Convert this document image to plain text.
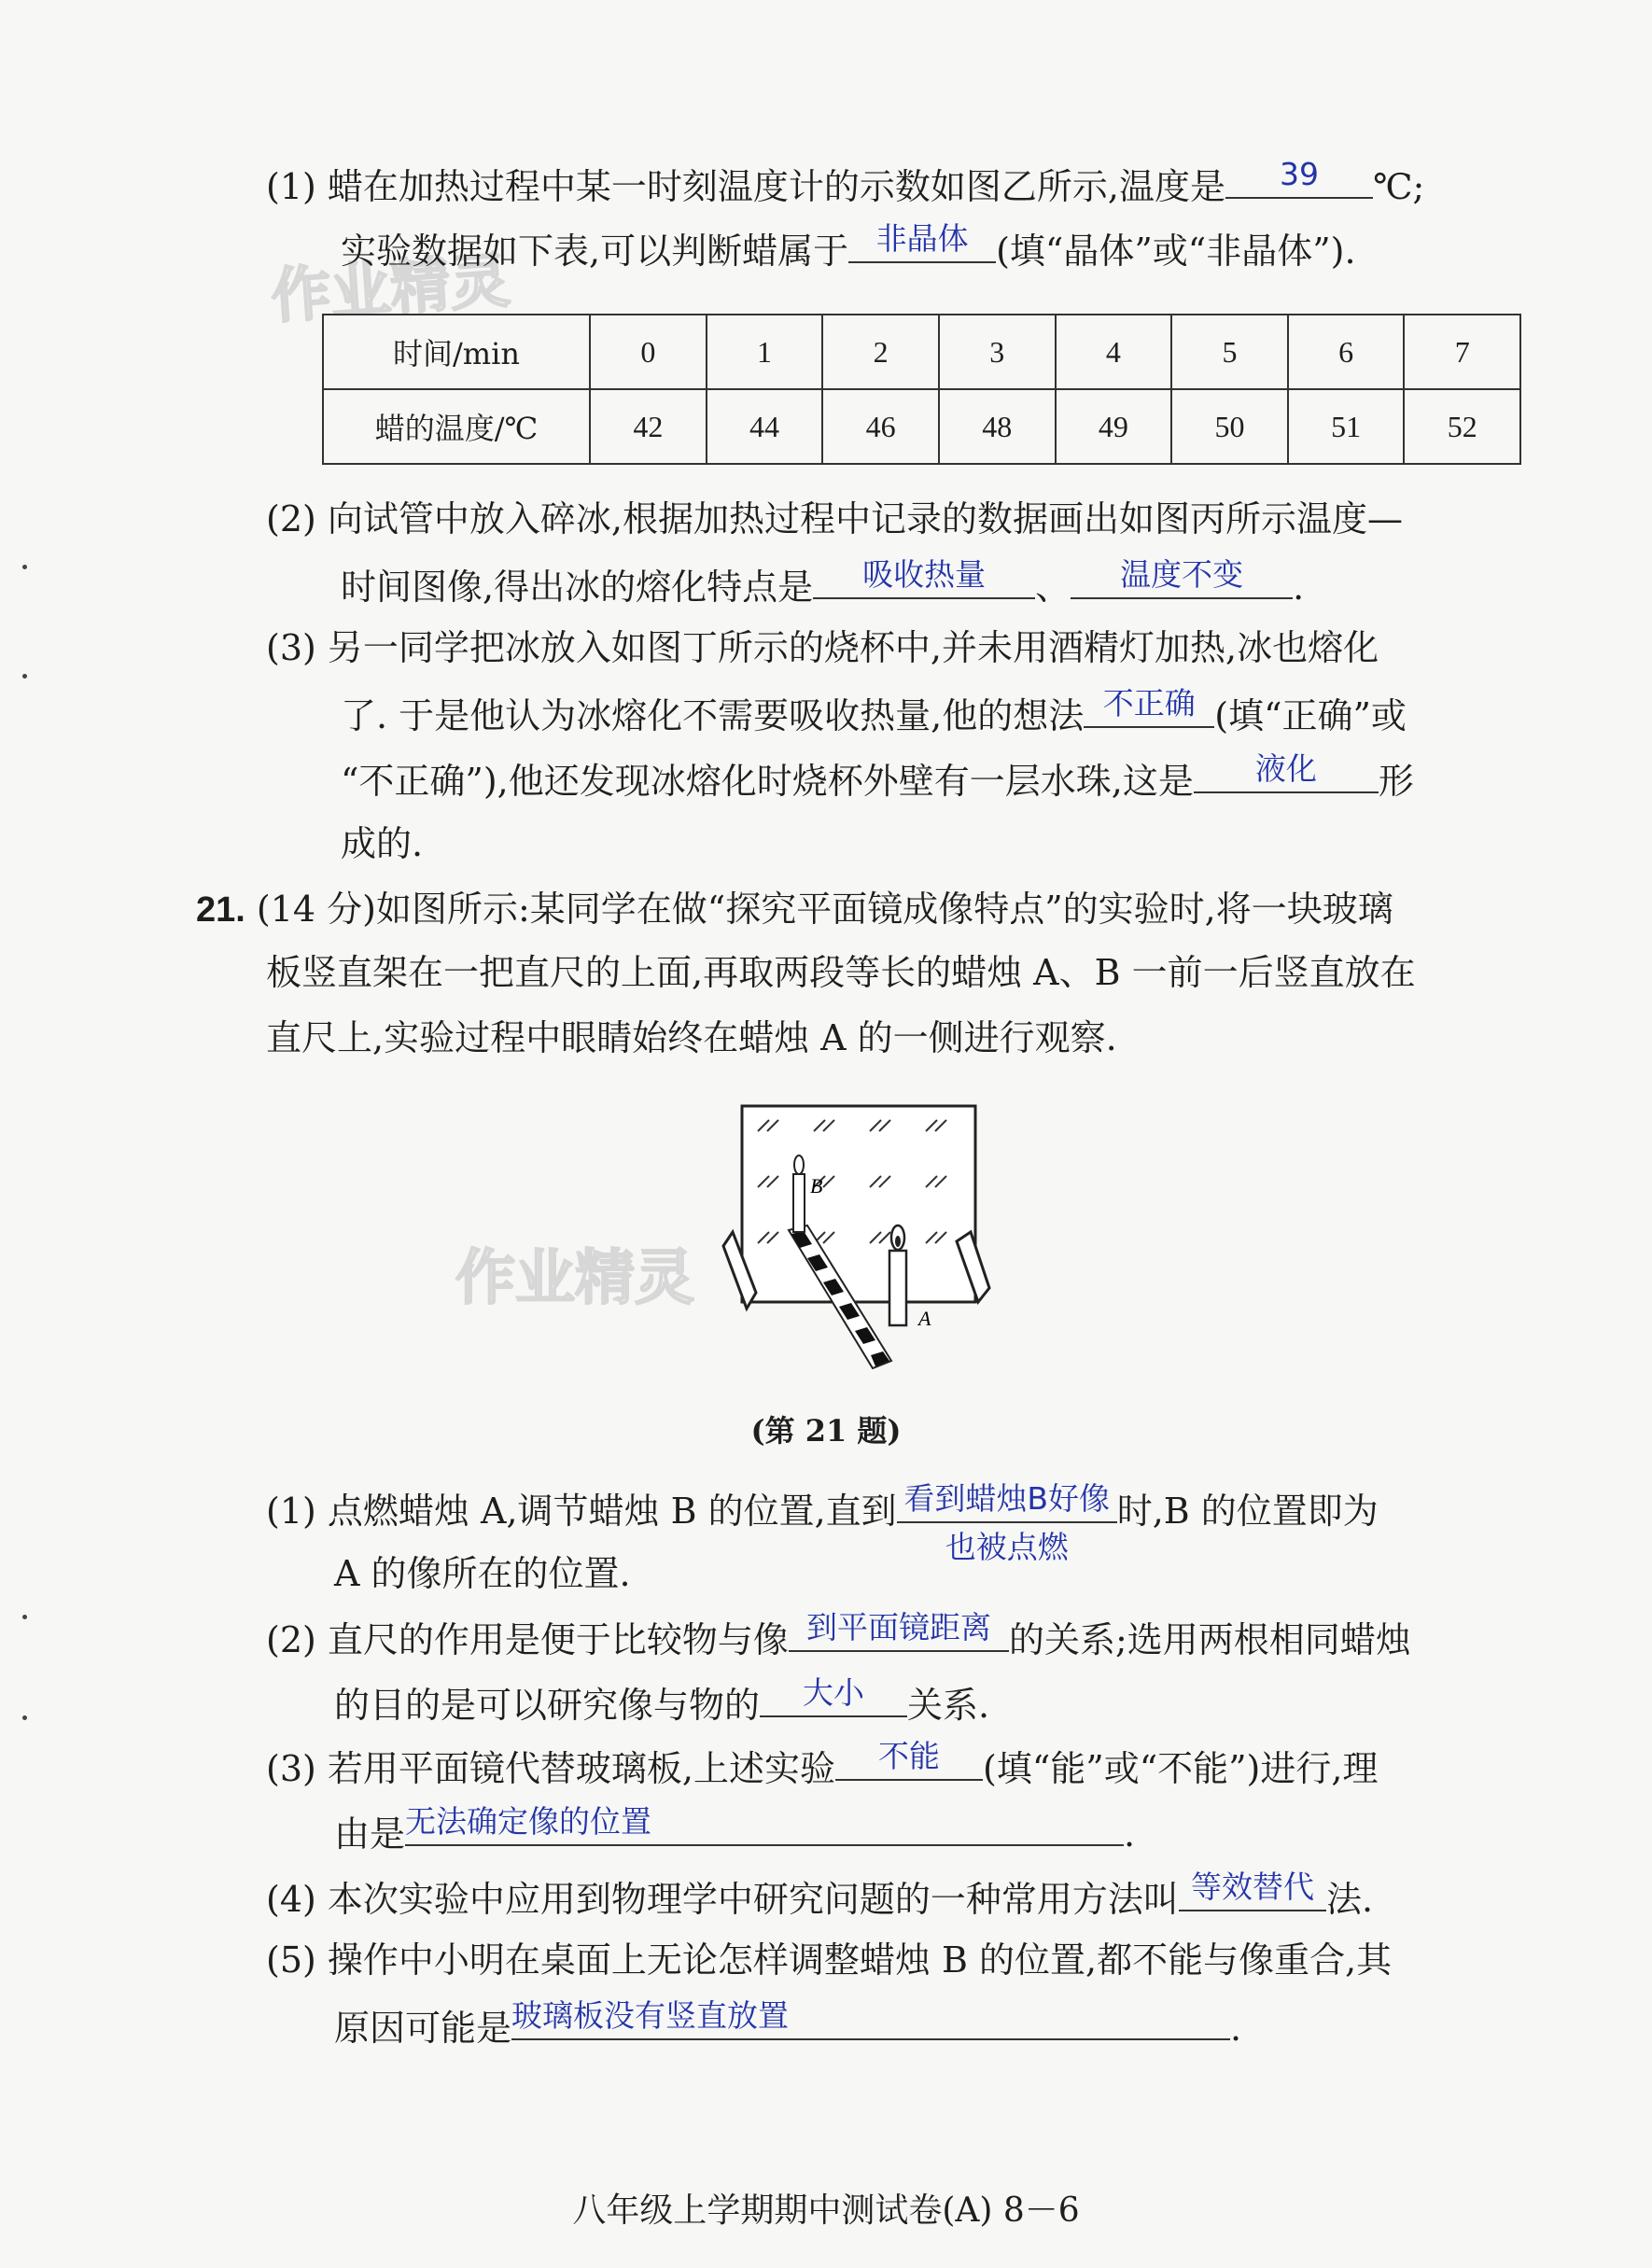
作业精灵
作业精灵
(1) 蜡在加热过程中某一时刻温度计的示数如图乙所示,温度是	39	℃;
实验数据如下表,可以判断蜡属于 非晶体 (填“晶体”或“非晶体”).
时间/min	0	1	2	3	4	5	6	7
蜡的温度/℃	42	44	46	48	49	50	51	52
(2) 向试管中放入碎冰,根据加热过程中记录的数据画出如图丙所示温度—
时间图像,得出冰的熔化特点是	吸收热量	、	温度不变	.
(3) 另一同学把冰放入如图丁所示的烧杯中,并未用酒精灯加热,冰也熔化
了. 于是他认为冰熔化不需要吸收热量,他的想法 不正确 (填“正确”或
“不正确”),他还发现冰熔化时烧杯外壁有一层水珠,这是	液化	形
成的.
21. (14 分)如图所示:某同学在做“探究平面镜成像特点”的实验时,将一块玻璃
板竖直架在一把直尺的上面,再取两段等长的蜡烛 A、B 一前一后竖直放在
直尺上,实验过程中眼睛始终在蜡烛 A 的一侧进行观察.
B
A
(第 21 题)
(1) 点燃蜡烛 A,调节蜡烛 B 的位置,直到 看到蜡烛B好像
也被点燃
时,B 的位置即为
A 的像所在的位置.
(2) 直尺的作用是便于比较物与像 到平面镜距离 的关系;选用两根相同蜡烛
的目的是可以研究像与物的	大小	关系.
(3) 若用平面镜代替玻璃板,上述实验	不能	(填“能”或“不能”)进行,理
由是 无法确定像的位置	.
(4) 本次实验中应用到物理学中研究问题的一种常用方法叫 等效替代 法.
(5) 操作中小明在桌面上无论怎样调整蜡烛 B 的位置,都不能与像重合,其
原因可能是 玻璃板没有竖直放置	.
八年级上学期期中测试卷(A) 8－6
